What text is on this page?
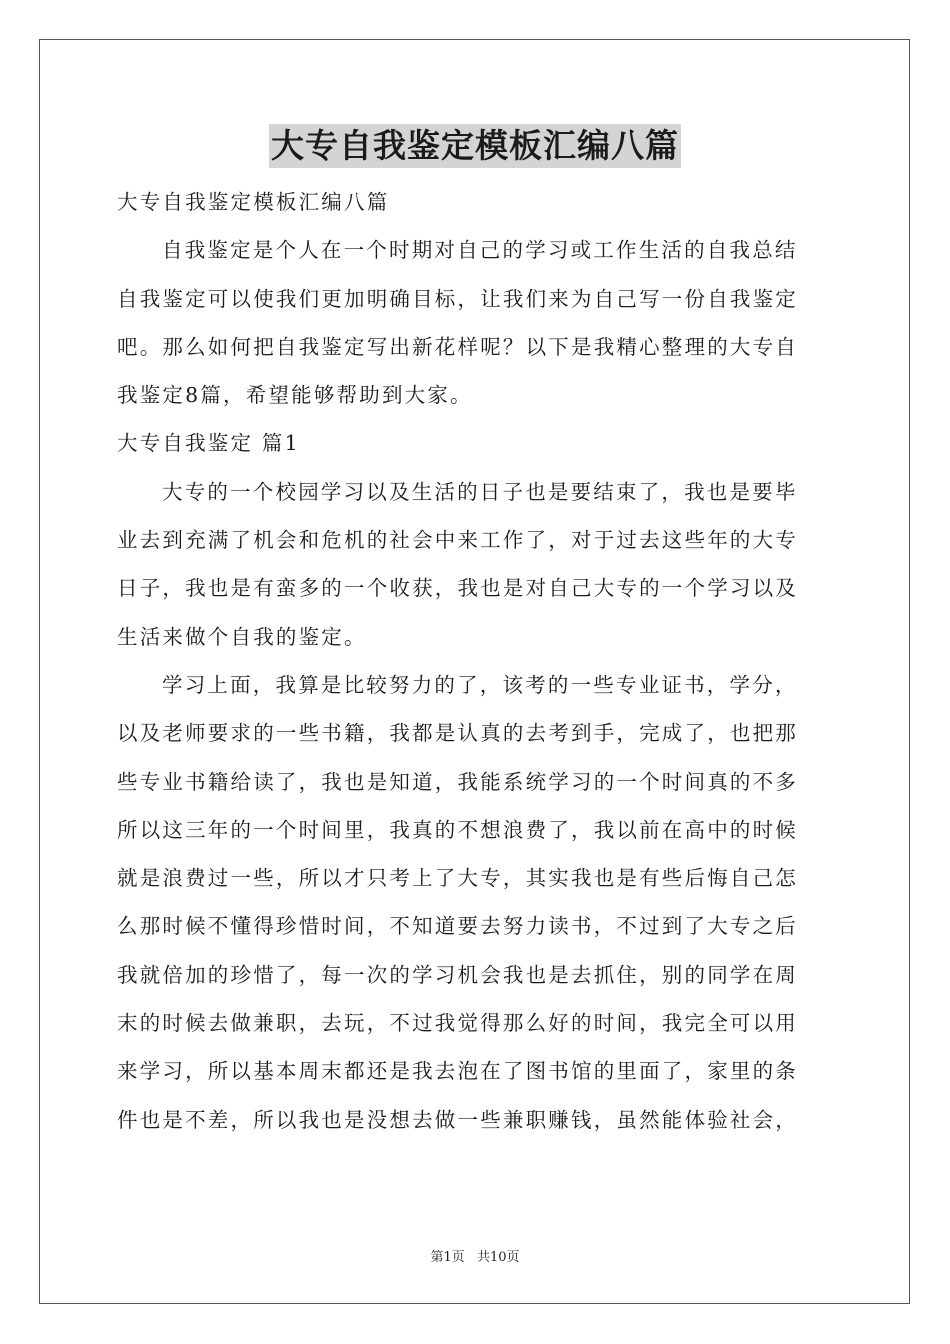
大专自我鉴定模板汇编八篇
大专自我鉴定模板汇编八篇
自我鉴定是个人在一个时期对自己的学习或工作生活的自我总结
自我鉴定可以使我们更加明确目标，让我们来为自己写一份自我鉴定
吧。那么如何把自我鉴定写出新花样呢？以下是我精心整理的大专自
我鉴定8篇，希望能够帮助到大家。
大专自我鉴定 篇1
大专的一个校园学习以及生活的日子也是要结束了，我也是要毕
业去到充满了机会和危机的社会中来工作了，对于过去这些年的大专
日子，我也是有蛮多的一个收获，我也是对自己大专的一个学习以及
生活来做个自我的鉴定。
学习上面，我算是比较努力的了，该考的一些专业证书，学分，
以及老师要求的一些书籍，我都是认真的去考到手，完成了，也把那
些专业书籍给读了，我也是知道，我能系统学习的一个时间真的不多
所以这三年的一个时间里，我真的不想浪费了，我以前在高中的时候
就是浪费过一些，所以才只考上了大专，其实我也是有些后悔自己怎
么那时候不懂得珍惜时间，不知道要去努力读书，不过到了大专之后
我就倍加的珍惜了，每一次的学习机会我也是去抓住，别的同学在周
末的时候去做兼职，去玩，不过我觉得那么好的时间，我完全可以用
来学习，所以基本周末都还是我去泡在了图书馆的里面了，家里的条
件也是不差，所以我也是没想去做一些兼职赚钱，虽然能体验社会，
第1页 共10页
